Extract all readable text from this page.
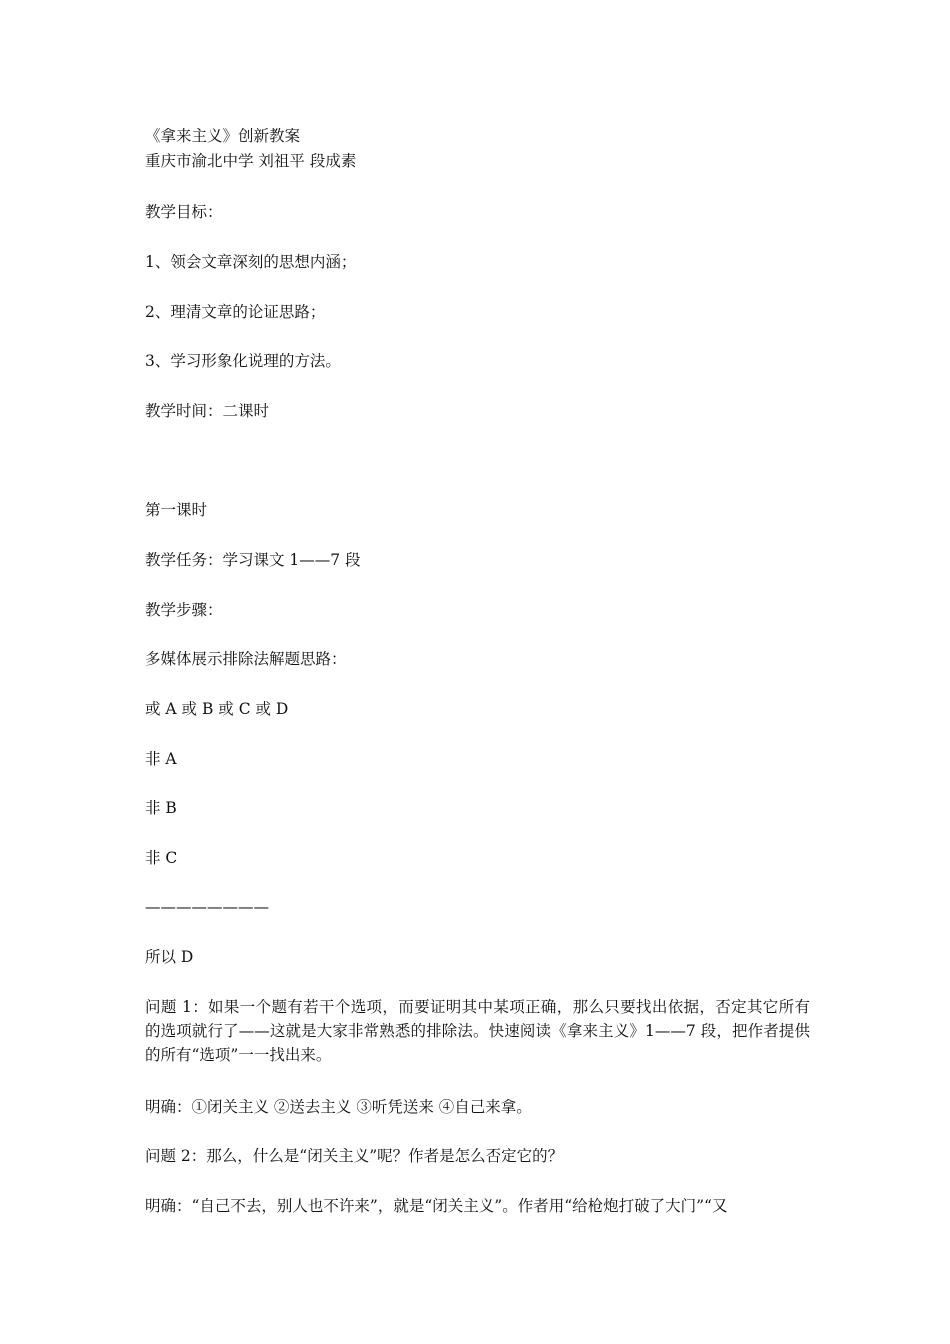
《拿来主义》创新教案
重庆市渝北中学 刘祖平 段成素
教学目标：
1、领会文章深刻的思想内涵；
2、理清文章的论证思路；
3、学习形象化说理的方法。
教学时间：二课时
第一课时
教学任务：学习课文 1——7 段
教学步骤：
多媒体展示排除法解题思路：
或 A 或 B 或 C 或 D
非 A
非 B
非 C
————————
所以 D
问题 1：如果一个题有若干个选项，而要证明其中某项正确，那么只要找出依据，否定其它所有的选项就行了——这就是大家非常熟悉的排除法。快速阅读《拿来主义》1——7 段，把作者提供的所有“选项”一一找出来。
明确：①闭关主义 ②送去主义 ③听凭送来 ④自己来拿。
问题 2：那么，什么是“闭关主义”呢？作者是怎么否定它的？
明确：“自己不去，别人也不许来”，就是“闭关主义”。作者用“给枪炮打破了大门”“又
